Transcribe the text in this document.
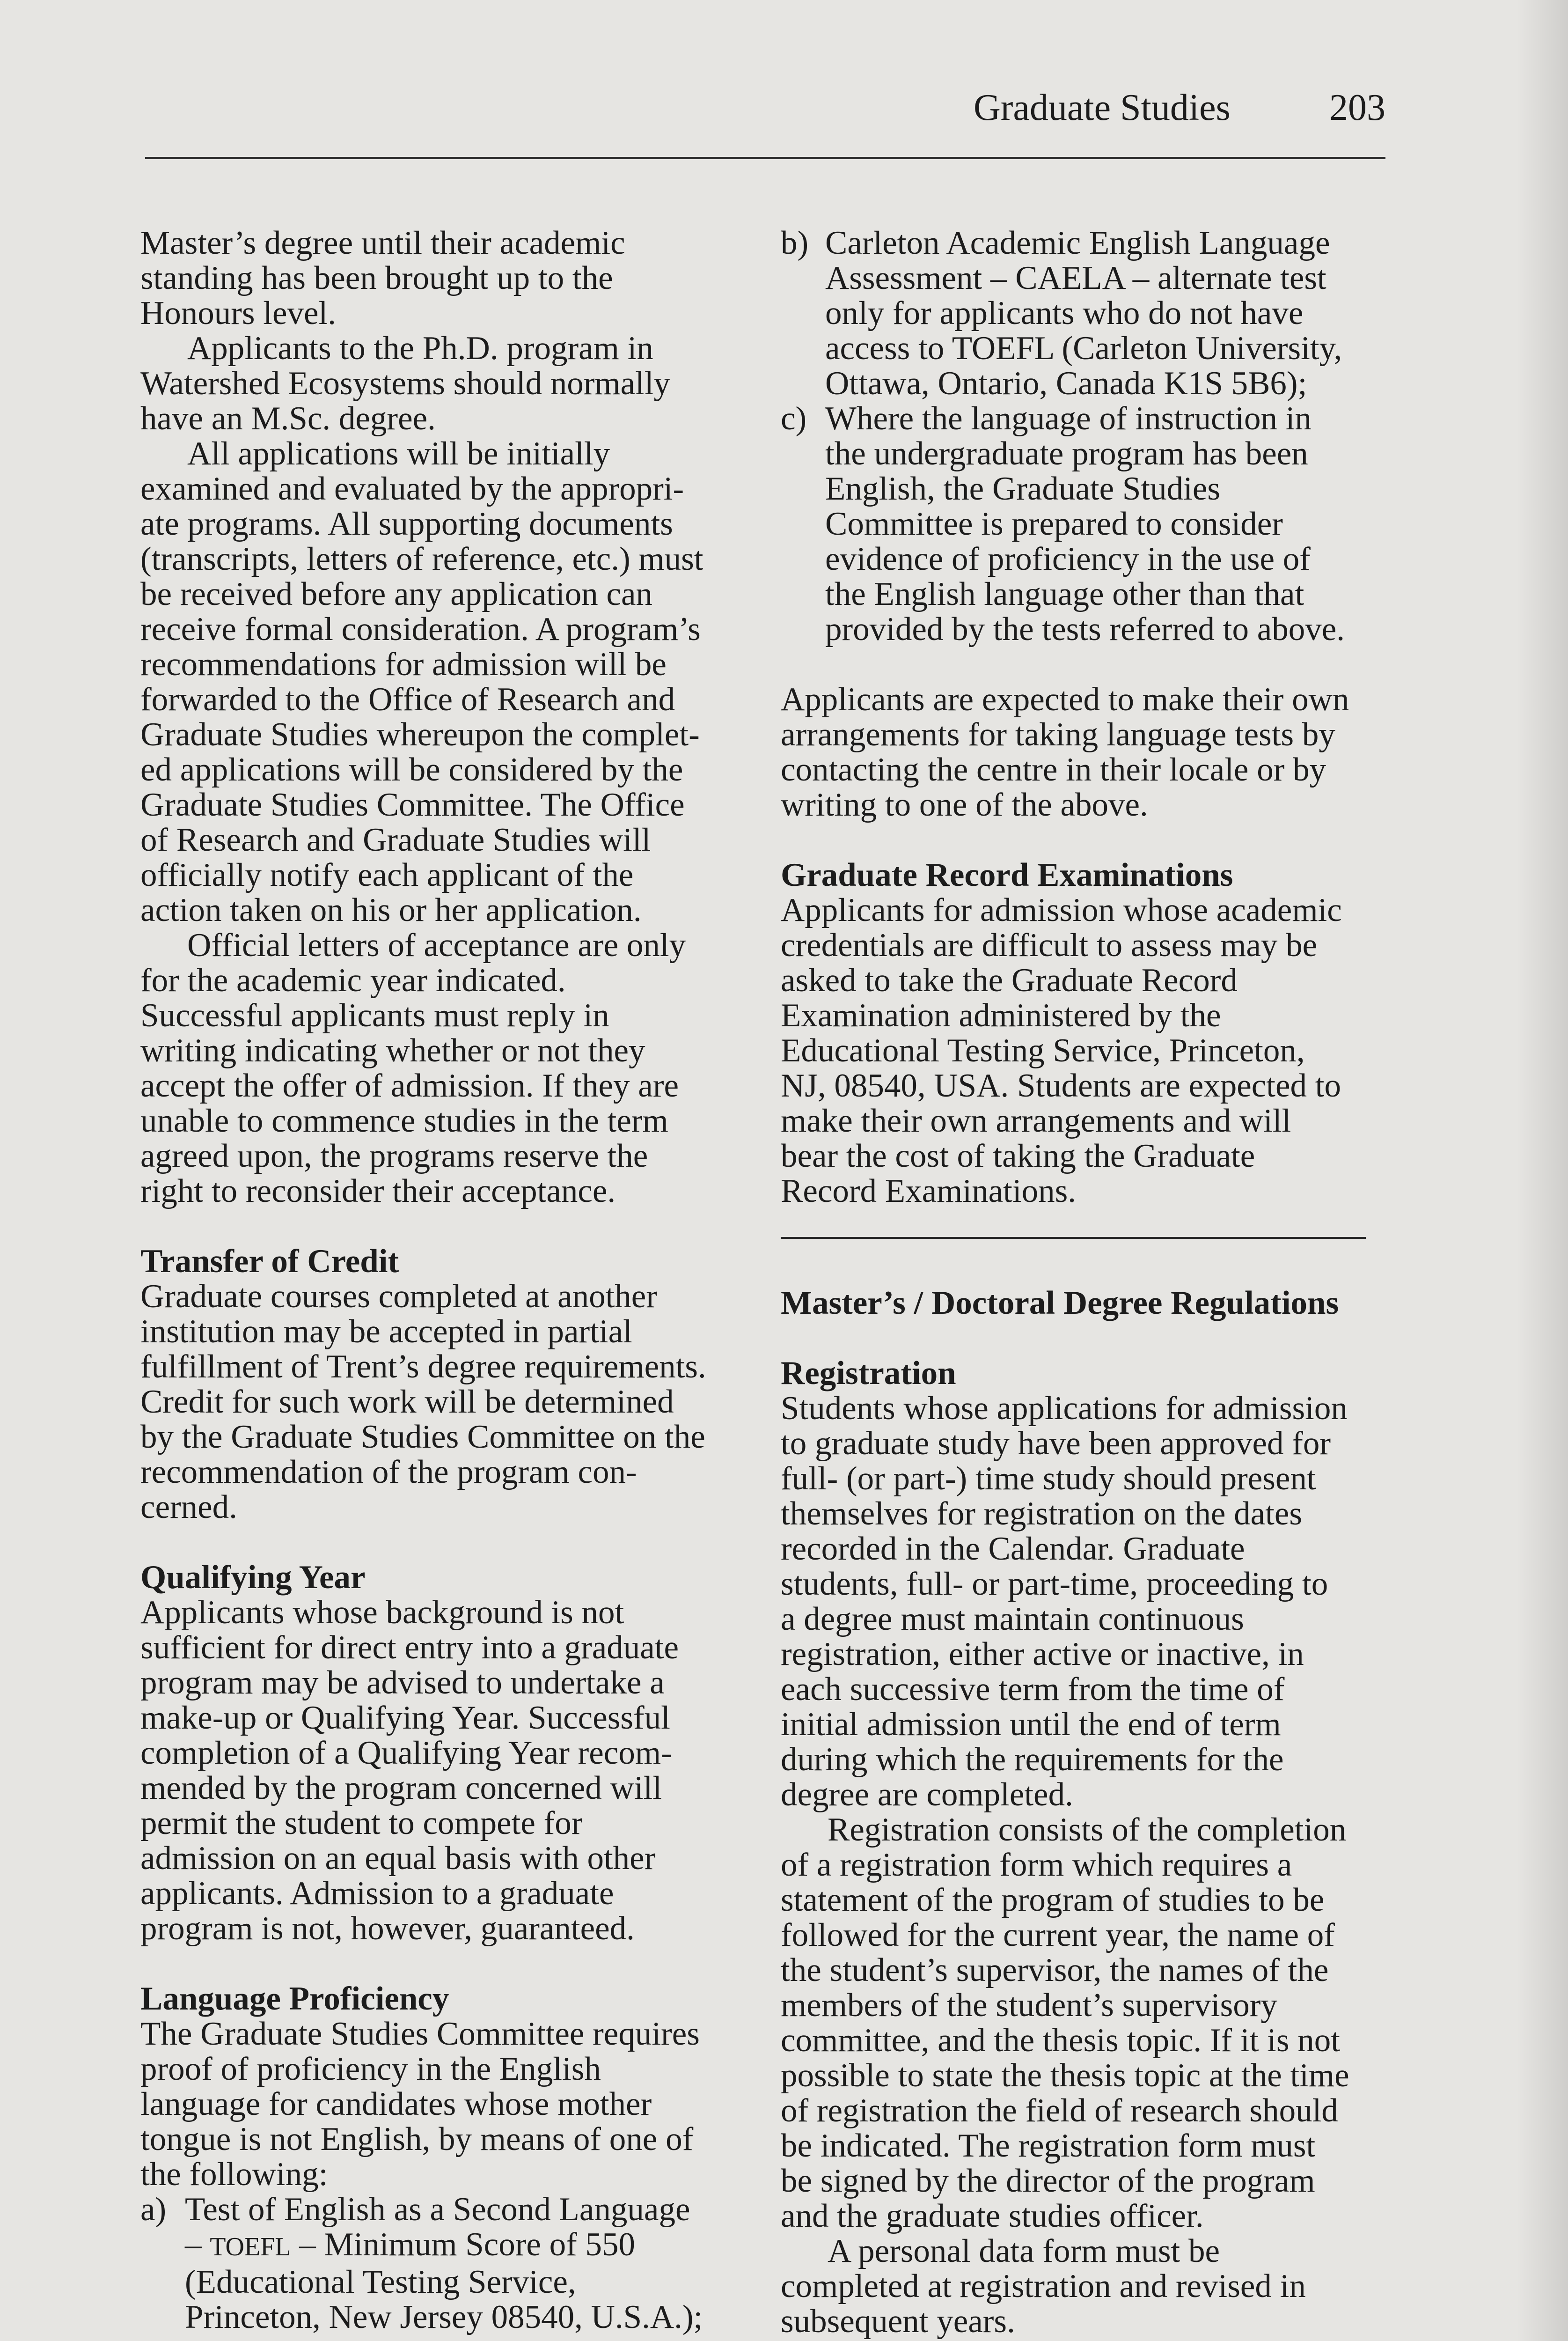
Graduate Studies	203
Master’s degree until their academic
standing has been brought up to the
Honours level.
Applicants to the Ph.D. program in
Watershed Ecosystems should normally
have an M.Sc. degree.
All applications will be initially
examined and evaluated by the appropri-
ate programs. All supporting documents
(transcripts, letters of reference, etc.) must
be received before any application can
receive formal consideration. A program’s
recommendations for admission will be
forwarded to the Office of Research and
Graduate Studies whereupon the complet-
ed applications will be considered by the
Graduate Studies Committee. The Office
of Research and Graduate Studies will
officially notify each applicant of the
action taken on his or her application.
Official letters of acceptance are only
for the academic year indicated.
Successful applicants must reply in
writing indicating whether or not they
accept the offer of admission. If they are
unable to commence studies in the term
agreed upon, the programs reserve the
right to reconsider their acceptance.
Transfer of Credit
Graduate courses completed at another
institution may be accepted in partial
fulfillment of Trent’s degree requirements.
Credit for such work will be determined
by the Graduate Studies Committee on the
recommendation of the program con-
cerned.
Qualifying Year
Applicants whose background is not
sufficient for direct entry into a graduate
program may be advised to undertake a
make-up or Qualifying Year. Successful
completion of a Qualifying Year recom-
mended by the program concerned will
permit the student to compete for
admission on an equal basis with other
applicants. Admission to a graduate
program is not, however, guaranteed.
Language Proficiency
The Graduate Studies Committee requires
proof of proficiency in the English
language for candidates whose mother
tongue is not English, by means of one of
the following:
a) Test of English as a Second Language
– TOEFL – Minimum Score of 550
(Educational Testing Service,
Princeton, New Jersey 08540, U.S.A.);
b) Carleton Academic English Language
Assessment – CAELA – alternate test
only for applicants who do not have
access to TOEFL (Carleton University,
Ottawa, Ontario, Canada K1S 5B6);
c) Where the language of instruction in
the undergraduate program has been
English, the Graduate Studies
Committee is prepared to consider
evidence of proficiency in the use of
the English language other than that
provided by the tests referred to above.
Applicants are expected to make their own
arrangements for taking language tests by
contacting the centre in their locale or by
writing to one of the above.
Graduate Record Examinations
Applicants for admission whose academic
credentials are difficult to assess may be
asked to take the Graduate Record
Examination administered by the
Educational Testing Service, Princeton,
NJ, 08540, USA. Students are expected to
make their own arrangements and will
bear the cost of taking the Graduate
Record Examinations.
Master’s / Doctoral Degree Regulations
Registration
Students whose applications for admission
to graduate study have been approved for
full- (or part-) time study should present
themselves for registration on the dates
recorded in the Calendar. Graduate
students, full- or part-time, proceeding to
a degree must maintain continuous
registration, either active or inactive, in
each successive term from the time of
initial admission until the end of term
during which the requirements for the
degree are completed.
Registration consists of the completion
of a registration form which requires a
statement of the program of studies to be
followed for the current year, the name of
the student’s supervisor, the names of the
members of the student’s supervisory
committee, and the thesis topic. If it is not
possible to state the thesis topic at the time
of registration the field of research should
be indicated. The registration form must
be signed by the director of the program
and the graduate studies officer.
A personal data form must be
completed at registration and revised in
subsequent years.
